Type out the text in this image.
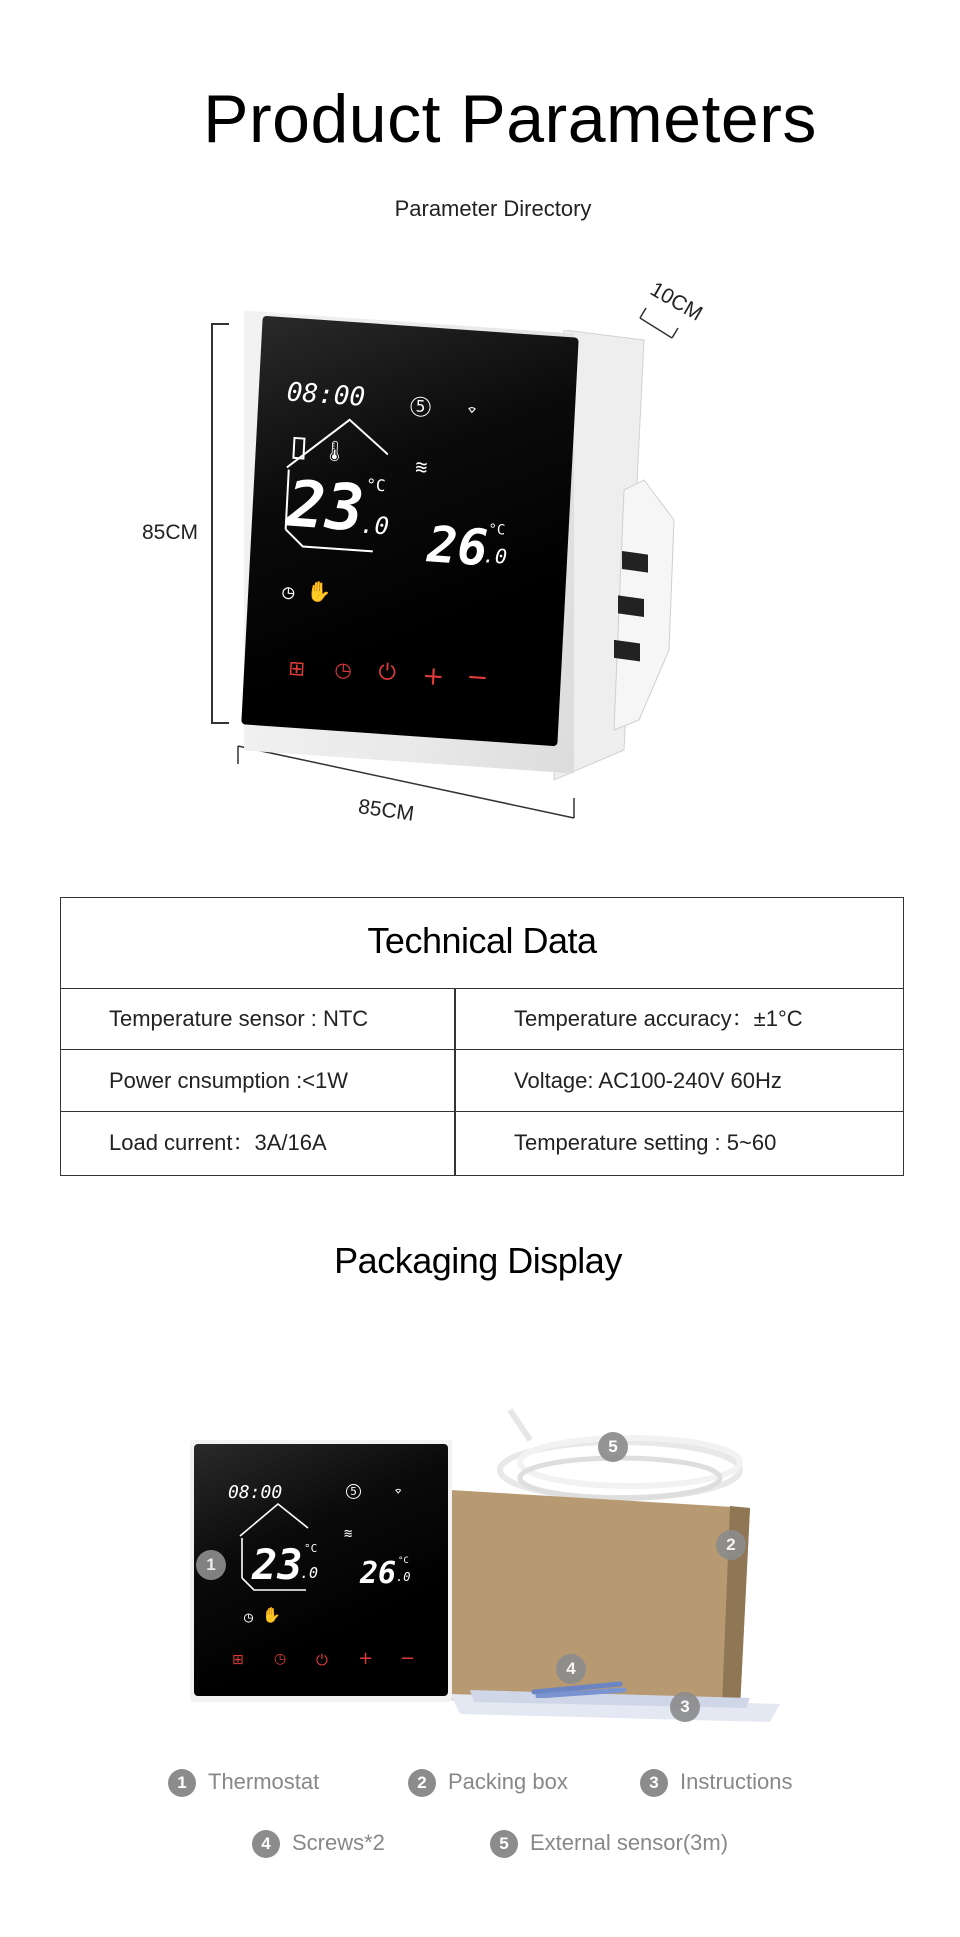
Product Parameters
Parameter Directory
85CM
85CM
10CM
08:00	5 ⌔
🌡
≋
23
.0
°C
26
.0
°C
◷ ✋
⊞ ◷ ⏻ + −
Technical Data
Temperature sensor : NTC	Temperature accuracy：±1°C
Power cnsumption :<1W	Voltage: AC100-240V 60Hz
Load current：3A/16A	Temperature setting : 5~60
Packaging Display
08:00	5	⌔
≋
23
.0
°C
26 .0
°C
◷ ✋
⊞ ◷ ⏻ + −
1
2
3
4
5
1 Thermostat	2 Packing box	3 Instructions
4 Screws*2	5 External sensor(3m)
